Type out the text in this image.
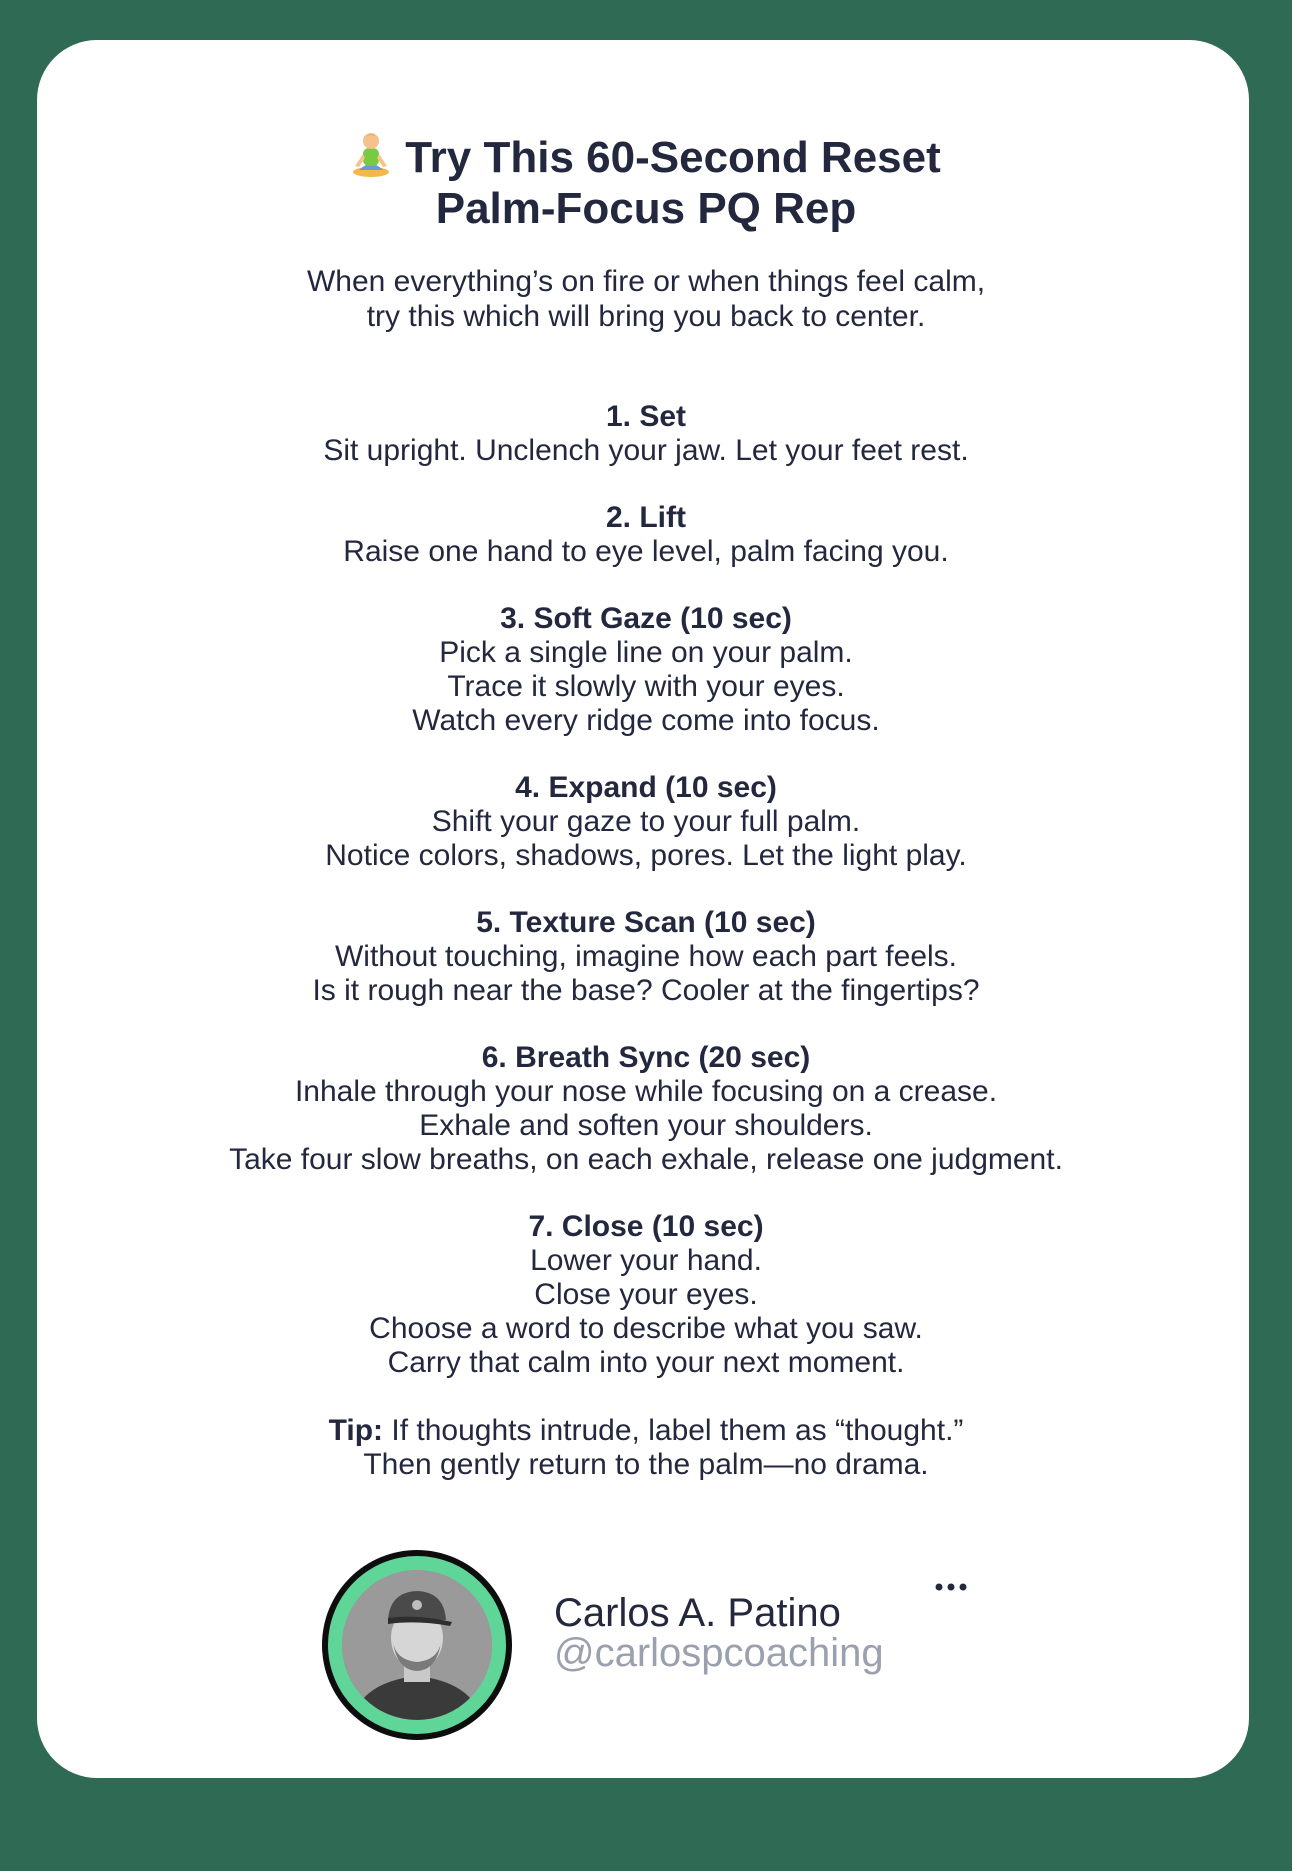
Try This 60-Second Reset
Palm-Focus PQ Rep
When everything’s on fire or when things feel calm,
try this which will bring you back to center.
1. Set
Sit upright. Unclench your jaw. Let your feet rest.
2. Lift
Raise one hand to eye level, palm facing you.
3. Soft Gaze (10 sec)
Pick a single line on your palm.
Trace it slowly with your eyes.
Watch every ridge come into focus.
4. Expand (10 sec)
Shift your gaze to your full palm.
Notice colors, shadows, pores. Let the light play.
5. Texture Scan (10 sec)
Without touching, imagine how each part feels.
Is it rough near the base? Cooler at the fingertips?
6. Breath Sync (20 sec)
Inhale through your nose while focusing on a crease.
Exhale and soften your shoulders.
Take four slow breaths, on each exhale, release one judgment.
7. Close (10 sec)
Lower your hand.
Close your eyes.
Choose a word to describe what you saw.
Carry that calm into your next moment.
Tip: If thoughts intrude, label them as “thought.”
Then gently return to the palm—no drama.
Carlos A. Patino
@carlospcoaching
